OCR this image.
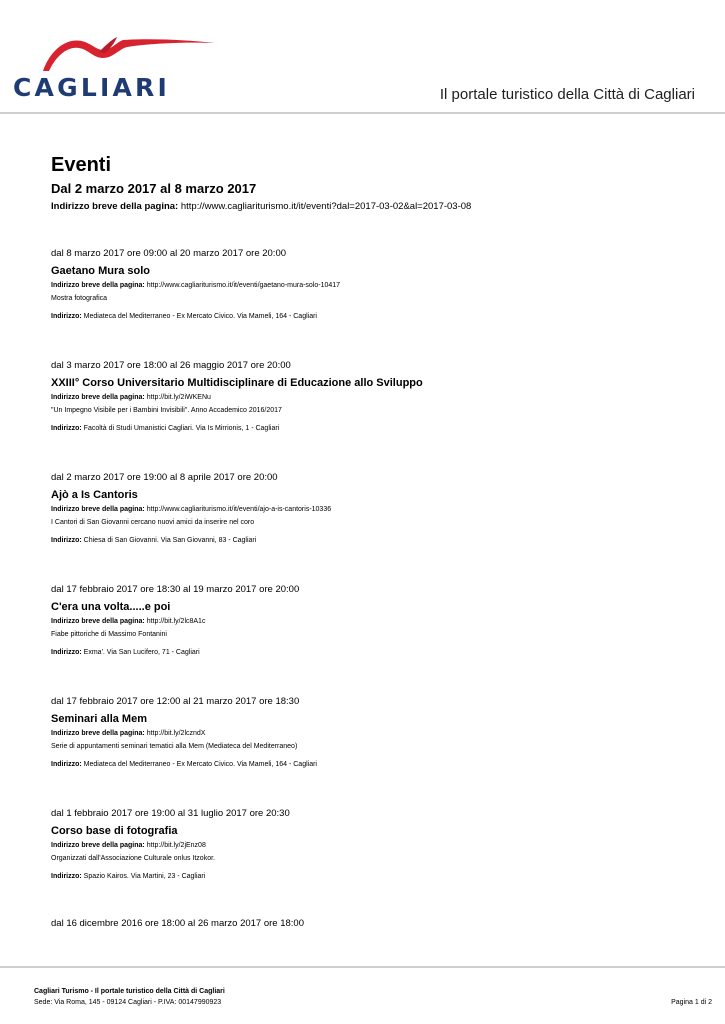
CAGLIARI	Il portale turistico della Città di Cagliari
Eventi
Dal 2 marzo 2017 al 8 marzo 2017
Indirizzo breve della pagina: http://www.cagliariturismo.it/it/eventi?dal=2017-03-02&al=2017-03-08
dal 8 marzo 2017 ore 09:00 al 20 marzo 2017 ore 20:00
Gaetano Mura solo
Indirizzo breve della pagina: http://www.cagliariturismo.it/it/eventi/gaetano-mura-solo-10417
Mostra fotografica
Indirizzo: Mediateca del Mediterraneo - Ex Mercato Civico. Via Mameli, 164 - Cagliari
dal 3 marzo 2017 ore 18:00 al 26 maggio 2017 ore 20:00
XXIII° Corso Universitario Multidisciplinare di Educazione allo Sviluppo
Indirizzo breve della pagina: http://bit.ly/2iWKENu
"Un Impegno Visibile per i Bambini Invisibili". Anno Accademico 2016/2017
Indirizzo: Facoltà di Studi Umanistici Cagliari. Via Is Mirrionis, 1 - Cagliari
dal 2 marzo 2017 ore 19:00 al 8 aprile 2017 ore 20:00
Ajò a Is Cantoris
Indirizzo breve della pagina: http://www.cagliariturismo.it/it/eventi/ajo-a-is-cantoris-10336
I Cantori di San Giovanni cercano nuovi amici da inserire nel coro
Indirizzo: Chiesa di San Giovanni. Via San Giovanni, 83 - Cagliari
dal 17 febbraio 2017 ore 18:30 al 19 marzo 2017 ore 20:00
C'era una volta.....e poi
Indirizzo breve della pagina: http://bit.ly/2lc8A1c
Fiabe pittoriche di Massimo Fontanini
Indirizzo: Exma'. Via San Lucifero, 71 - Cagliari
dal 17 febbraio 2017 ore 12:00 al 21 marzo 2017 ore 18:30
Seminari alla Mem
Indirizzo breve della pagina: http://bit.ly/2lczndX
Serie di appuntamenti seminari tematici alla Mem (Mediateca del Mediterraneo)
Indirizzo: Mediateca del Mediterraneo - Ex Mercato Civico. Via Mameli, 164 - Cagliari
dal 1 febbraio 2017 ore 19:00 al 31 luglio 2017 ore 20:30
Corso base di fotografia
Indirizzo breve della pagina: http://bit.ly/2jEnz08
Organizzati dall'Associazione Culturale onlus Itzokor.
Indirizzo: Spazio Kairos. Via Martini, 23 - Cagliari
dal 16 dicembre 2016 ore 18:00 al 26 marzo 2017 ore 18:00
Cagliari Turismo - Il portale turistico della Città di Cagliari
Sede: Via Roma, 145 - 09124 Cagliari - P.IVA: 00147990923	Pagina 1 di 2
